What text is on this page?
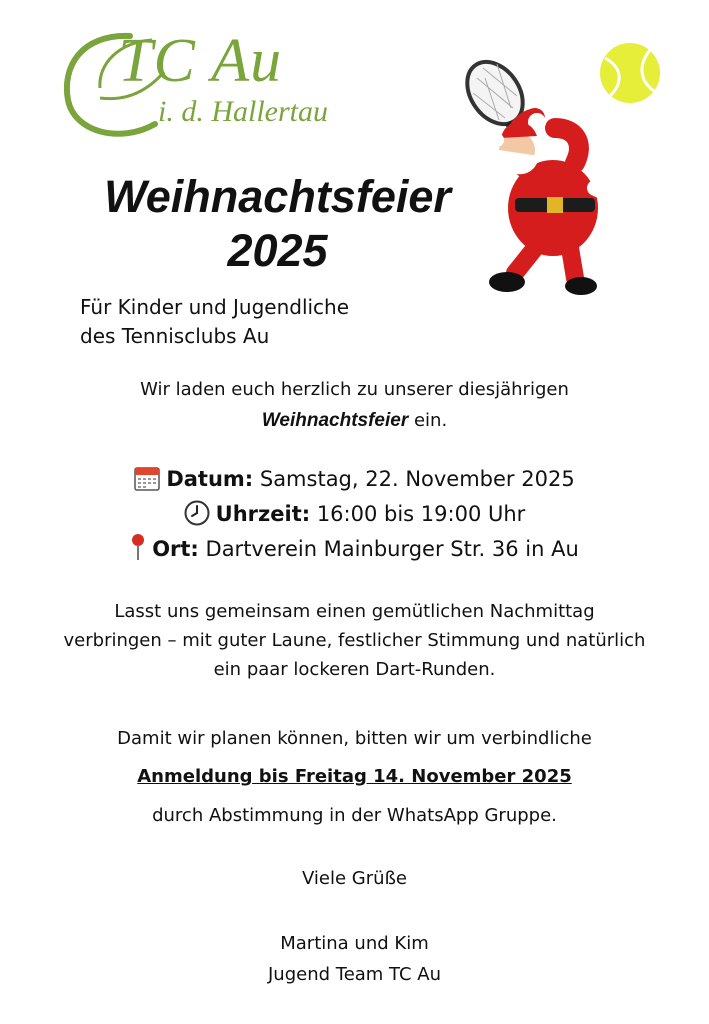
TC Au
i. d. Hallertau
Weihnachtsfeier
2025
Für Kinder und Jugendliche
des Tennisclubs Au
Wir laden euch herzlich zu unserer diesjährigen
Weihnachtsfeier ein.
Datum: Samstag, 22. November 2025
Uhrzeit: 16:00 bis 19:00 Uhr
Ort: Dartverein Mainburger Str. 36 in Au
Lasst uns gemeinsam einen gemütlichen Nachmittag
verbringen – mit guter Laune, festlicher Stimmung und natürlich
ein paar lockeren Dart-Runden.
Damit wir planen können, bitten wir um verbindliche
Anmeldung bis Freitag 14. November 2025
durch Abstimmung in der WhatsApp Gruppe.
Viele Grüße
Martina und Kim
Jugend Team TC Au
